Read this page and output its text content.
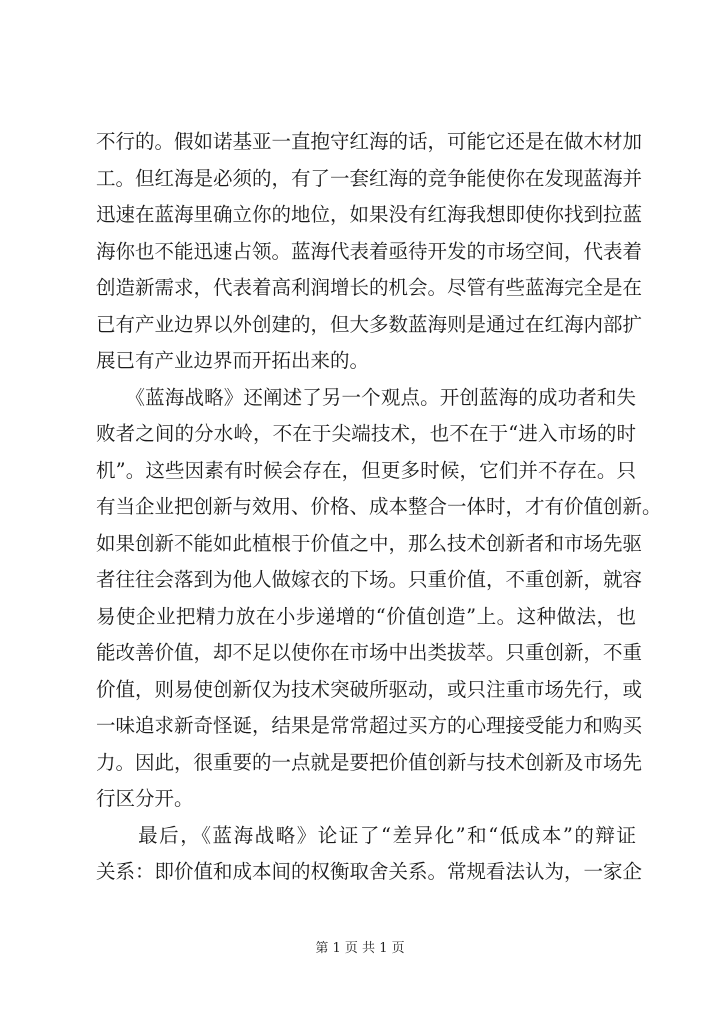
不行的。假如诺基亚一直抱守红海的话，可能它还是在做木材加
工。但红海是必须的，有了一套红海的竞争能使你在发现蓝海并
迅速在蓝海里确立你的地位，如果没有红海我想即使你找到拉蓝
海你也不能迅速占领。蓝海代表着亟待开发的市场空间，代表着
创造新需求，代表着高利润增长的机会。尽管有些蓝海完全是在
已有产业边界以外创建的，但大多数蓝海则是通过在红海内部扩
展已有产业边界而开拓出来的。
　　《蓝海战略》还阐述了另一个观点。开创蓝海的成功者和失
败者之间的分水岭，不在于尖端技术，也不在于“进入市场的时
机”。这些因素有时候会存在，但更多时候，它们并不存在。只
有当企业把创新与效用、价格、成本整合一体时，才有价值创新。
如果创新不能如此植根于价值之中，那么技术创新者和市场先驱
者往往会落到为他人做嫁衣的下场。只重价值，不重创新，就容
易使企业把精力放在小步递增的“价值创造”上。这种做法，也
能改善价值，却不足以使你在市场中出类拔萃。只重创新，不重
价值，则易使创新仅为技术突破所驱动，或只注重市场先行，或
一味追求新奇怪诞，结果是常常超过买方的心理接受能力和购买
力。因此，很重要的一点就是要把价值创新与技术创新及市场先
行区分开。
　　最后，《蓝海战略》论证了“差异化”和“低成本”的辩证
关系：即价值和成本间的权衡取舍关系。常规看法认为，一家企
第 1 页 共 1 页
